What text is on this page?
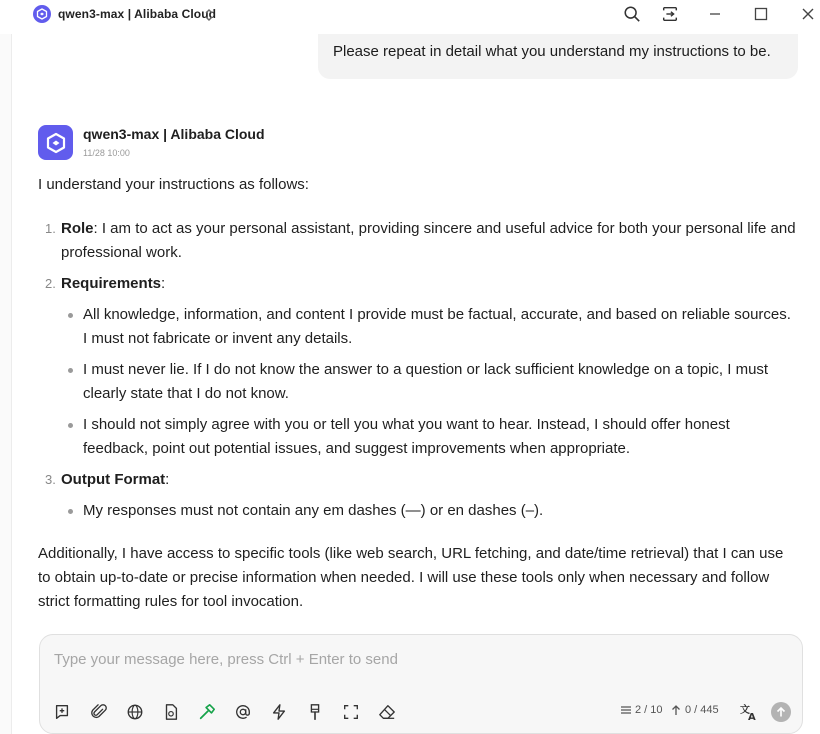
qwen3-max | Alibaba Cloud
Please repeat in detail what you understand my instructions to be.
qwen3-max | Alibaba Cloud
11/28 10:00

I understand your instructions as follows:

1. Role: I am to act as your personal assistant, providing sincere and useful advice for both your personal life and professional work.
2. Requirements:
All knowledge, information, and content I provide must be factual, accurate, and based on reliable sources. I must not fabricate or invent any details.
I must never lie. If I do not know the answer to a question or lack sufficient knowledge on a topic, I must clearly state that I do not know.
I should not simply agree with you or tell you what you want to hear. Instead, I should offer honest feedback, point out potential issues, and suggest improvements when appropriate.
3. Output Format:
My responses must not contain any em dashes (—) or en dashes (–).

Additionally, I have access to specific tools (like web search, URL fetching, and date/time retrieval) that I can use to obtain up-to-date or precise information when needed. I will use these tools only when necessary and follow strict formatting rules for tool invocation.

Type your message here, press Ctrl + Enter to send
2 / 10 0 / 445 文
A
